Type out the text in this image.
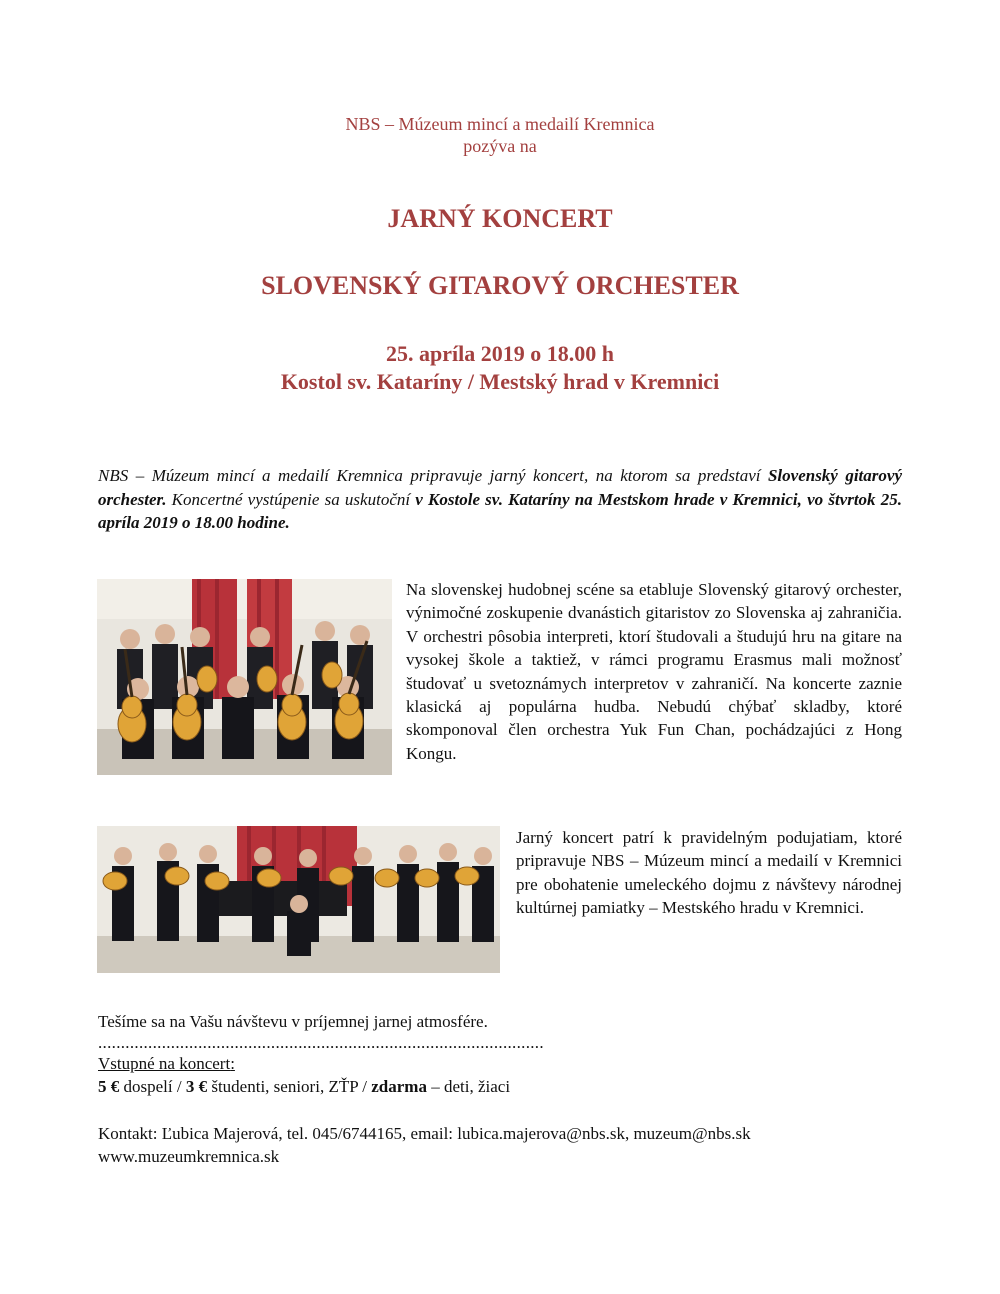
NBS – Múzeum mincí a medailí Kremnica
pozýva na
JARNÝ KONCERT
SLOVENSKÝ GITAROVÝ ORCHESTER
25. apríla 2019 o 18.00 h
Kostol sv. Kataríny / Mestský hrad v Kremnici
NBS – Múzeum mincí a medailí Kremnica pripravuje jarný koncert, na ktorom sa predstaví Slovenský gitarový orchester. Koncertné vystúpenie sa uskutoční v Kostole sv. Kataríny na Mestskom hrade v Kremnici, vo štvrtok 25. apríla 2019 o 18.00 hodine.
Na slovenskej hudobnej scéne sa etabluje Slovenský gitarový orchester, výnimočné zoskupenie dvanástich gitaristov zo Slovenska aj zahraničia. V orchestri pôsobia interpreti, ktorí študovali a študujú hru na gitare na vysokej škole a taktiež, v rámci programu Erasmus mali možnosť študovať u svetoznámych interpretov v zahraničí. Na koncerte zaznie klasická aj populárna hudba. Nebudú chýbať skladby, ktoré skomponoval člen orchestra Yuk Fun Chan, pochádzajúci z Hong Kongu.
Jarný koncert patrí k pravidelným podujatiam, ktoré pripravuje NBS – Múzeum mincí a medailí v Kremnici pre obohatenie umeleckého dojmu z návštevy národnej kultúrnej pamiatky – Mestského hradu v Kremnici.
Tešíme sa na Vašu návštevu v príjemnej jarnej atmosfére.
..................................................................................................
Vstupné na koncert:
5 € dospelí / 3 € študenti, seniori, ZŤP / zdarma – deti, žiaci
Kontakt: Ľubica Majerová, tel. 045/6744165, email: lubica.majerova@nbs.sk, muzeum@nbs.sk
www.muzeumkremnica.sk
